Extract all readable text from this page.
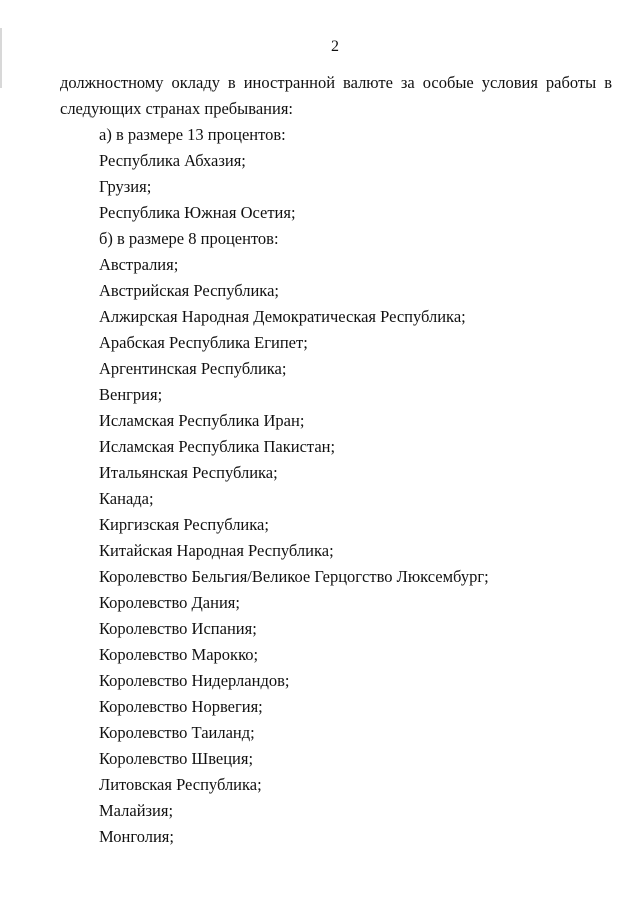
2
должностному окладу в иностранной валюте за особые условия работы в
следующих странах пребывания:
а) в размере 13 процентов:
Республика Абхазия;
Грузия;
Республика Южная Осетия;
б) в размере 8 процентов:
Австралия;
Австрийская Республика;
Алжирская Народная Демократическая Республика;
Арабская Республика Египет;
Аргентинская Республика;
Венгрия;
Исламская Республика Иран;
Исламская Республика Пакистан;
Итальянская Республика;
Канада;
Киргизская Республика;
Китайская Народная Республика;
Королевство Бельгия/Великое Герцогство Люксембург;
Королевство Дания;
Королевство Испания;
Королевство Марокко;
Королевство Нидерландов;
Королевство Норвегия;
Королевство Таиланд;
Королевство Швеция;
Литовская Республика;
Малайзия;
Монголия;
